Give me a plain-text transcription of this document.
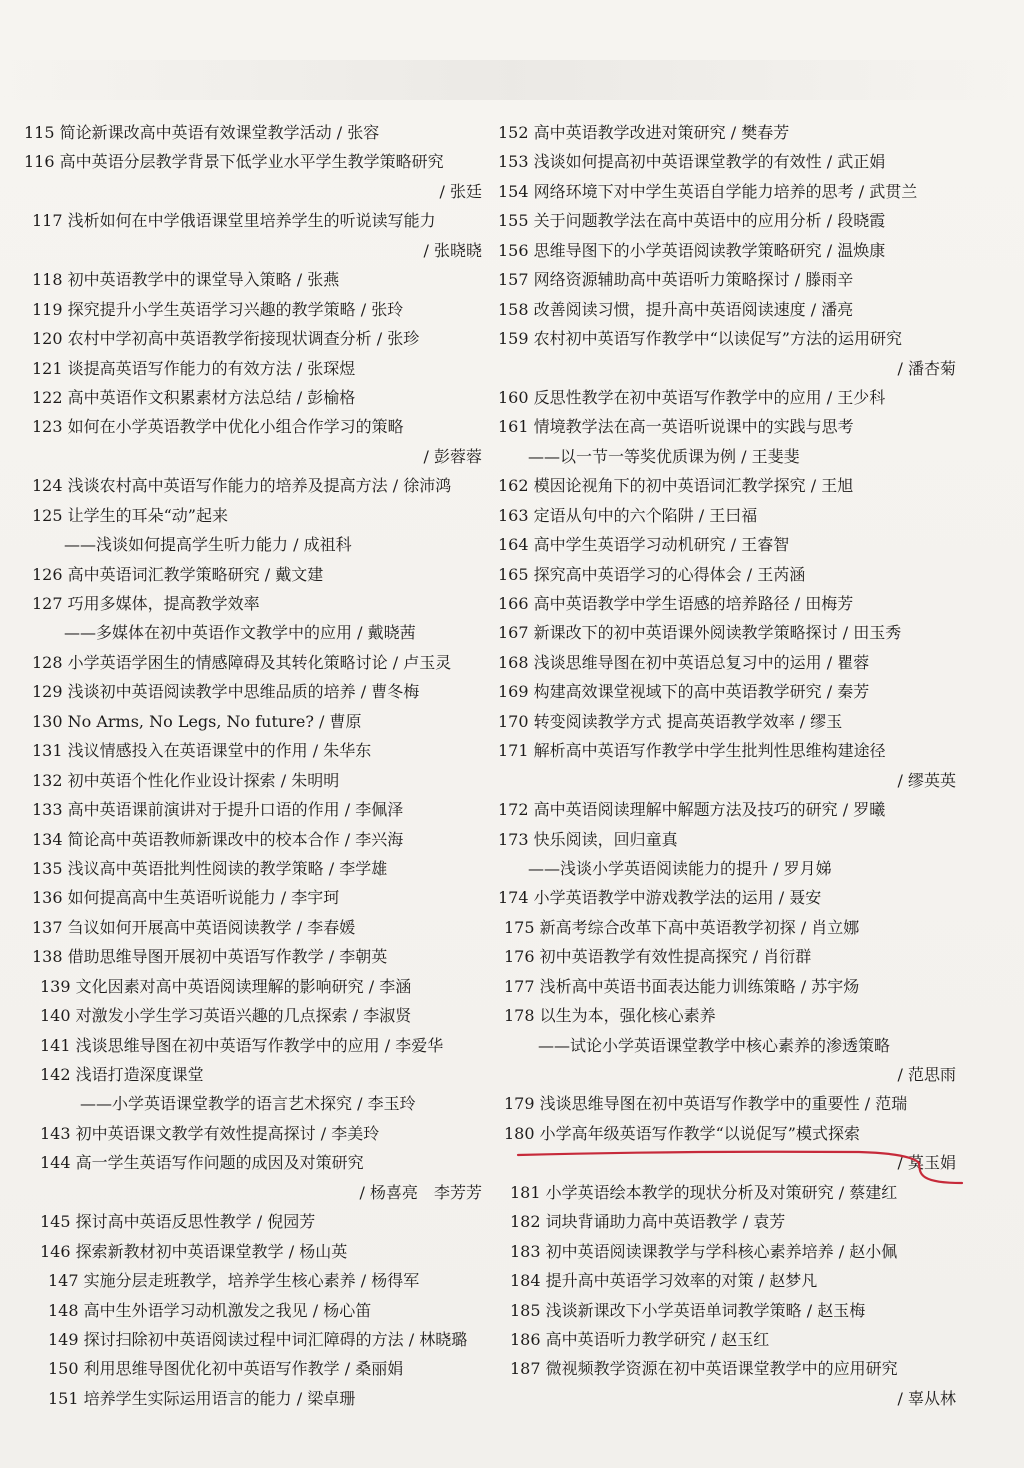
115 简论新课改高中英语有效课堂教学活动 / 张容
116 高中英语分层教学背景下低学业水平学生教学策略研究
/ 张廷
117 浅析如何在中学俄语课堂里培养学生的听说读写能力
/ 张晓晓
118 初中英语教学中的课堂导入策略 / 张燕
119 探究提升小学生英语学习兴趣的教学策略 / 张玲
120 农村中学初高中英语教学衔接现状调查分析 / 张珍
121 谈提高英语写作能力的有效方法 / 张琛煜
122 高中英语作文积累素材方法总结 / 彭榆格
123 如何在小学英语教学中优化小组合作学习的策略
/ 彭蓉蓉
124 浅谈农村高中英语写作能力的培养及提高方法 / 徐沛鸿
125 让学生的耳朵“动”起来
——浅谈如何提高学生听力能力 / 成祖科
126 高中英语词汇教学策略研究 / 戴文建
127 巧用多媒体，提高教学效率
——多媒体在初中英语作文教学中的应用 / 戴晓茜
128 小学英语学困生的情感障碍及其转化策略讨论 / 卢玉灵
129 浅谈初中英语阅读教学中思维品质的培养 / 曹冬梅
130 No Arms, No Legs, No future? / 曹原
131 浅议情感投入在英语课堂中的作用 / 朱华东
132 初中英语个性化作业设计探索 / 朱明明
133 高中英语课前演讲对于提升口语的作用 / 李佩泽
134 简论高中英语教师新课改中的校本合作 / 李兴海
135 浅议高中英语批判性阅读的教学策略 / 李学雄
136 如何提高高中生英语听说能力 / 李宇珂
137 刍议如何开展高中英语阅读教学 / 李春媛
138 借助思维导图开展初中英语写作教学 / 李朝英
139 文化因素对高中英语阅读理解的影响研究 / 李涵
140 对激发小学生学习英语兴趣的几点探索 / 李淑贤
141 浅谈思维导图在初中英语写作教学中的应用 / 李爱华
142 浅语打造深度课堂
——小学英语课堂教学的语言艺术探究 / 李玉玲
143 初中英语课文教学有效性提高探讨 / 李美玲
144 高一学生英语写作问题的成因及对策研究
/ 杨喜亮　李芳芳
145 探讨高中英语反思性教学 / 倪园芳
146 探索新教材初中英语课堂教学 / 杨山英
147 实施分层走班教学，培养学生核心素养 / 杨得军
148 高中生外语学习动机激发之我见 / 杨心笛
149 探讨扫除初中英语阅读过程中词汇障碍的方法 / 林晓璐
150 利用思维导图优化初中英语写作教学 / 桑丽娟
151 培养学生实际运用语言的能力 / 梁卓珊
152 高中英语教学改进对策研究 / 樊春芳
153 浅谈如何提高初中英语课堂教学的有效性 / 武正娟
154 网络环境下对中学生英语自学能力培养的思考 / 武贯兰
155 关于问题教学法在高中英语中的应用分析 / 段晓霞
156 思维导图下的小学英语阅读教学策略研究 / 温焕康
157 网络资源辅助高中英语听力策略探讨 / 滕雨辛
158 改善阅读习惯，提升高中英语阅读速度 / 潘亮
159 农村初中英语写作教学中“以读促写”方法的运用研究
/ 潘杏菊
160 反思性教学在初中英语写作教学中的应用 / 王少科
161 情境教学法在高一英语听说课中的实践与思考
——以一节一等奖优质课为例 / 王斐斐
162 模因论视角下的初中英语词汇教学探究 / 王旭
163 定语从句中的六个陷阱 / 王曰福
164 高中学生英语学习动机研究 / 王睿智
165 探究高中英语学习的心得体会 / 王芮涵
166 高中英语教学中学生语感的培养路径 / 田梅芳
167 新课改下的初中英语课外阅读教学策略探讨 / 田玉秀
168 浅谈思维导图在初中英语总复习中的运用 / 瞿蓉
169 构建高效课堂视域下的高中英语教学研究 / 秦芳
170 转变阅读教学方式 提高英语教学效率 / 缪玉
171 解析高中英语写作教学中学生批判性思维构建途径
/ 缪英英
172 高中英语阅读理解中解题方法及技巧的研究 / 罗曦
173 快乐阅读，回归童真
——浅谈小学英语阅读能力的提升 / 罗月娣
174 小学英语教学中游戏教学法的运用 / 聂安
175 新高考综合改革下高中英语教学初探 / 肖立娜
176 初中英语教学有效性提高探究 / 肖衍群
177 浅析高中英语书面表达能力训练策略 / 苏宇炀
178 以生为本，强化核心素养
——试论小学英语课堂教学中核心素养的渗透策略
/ 范思雨
179 浅谈思维导图在初中英语写作教学中的重要性 / 范瑞
180 小学高年级英语写作教学“以说促写”模式探索
/ 莫玉娟
181 小学英语绘本教学的现状分析及对策研究 / 蔡建红
182 词块背诵助力高中英语教学 / 袁芳
183 初中英语阅读课教学与学科核心素养培养 / 赵小佩
184 提升高中英语学习效率的对策 / 赵梦凡
185 浅谈新课改下小学英语单词教学策略 / 赵玉梅
186 高中英语听力教学研究 / 赵玉红
187 微视频教学资源在初中英语课堂教学中的应用研究
/ 辜从林
